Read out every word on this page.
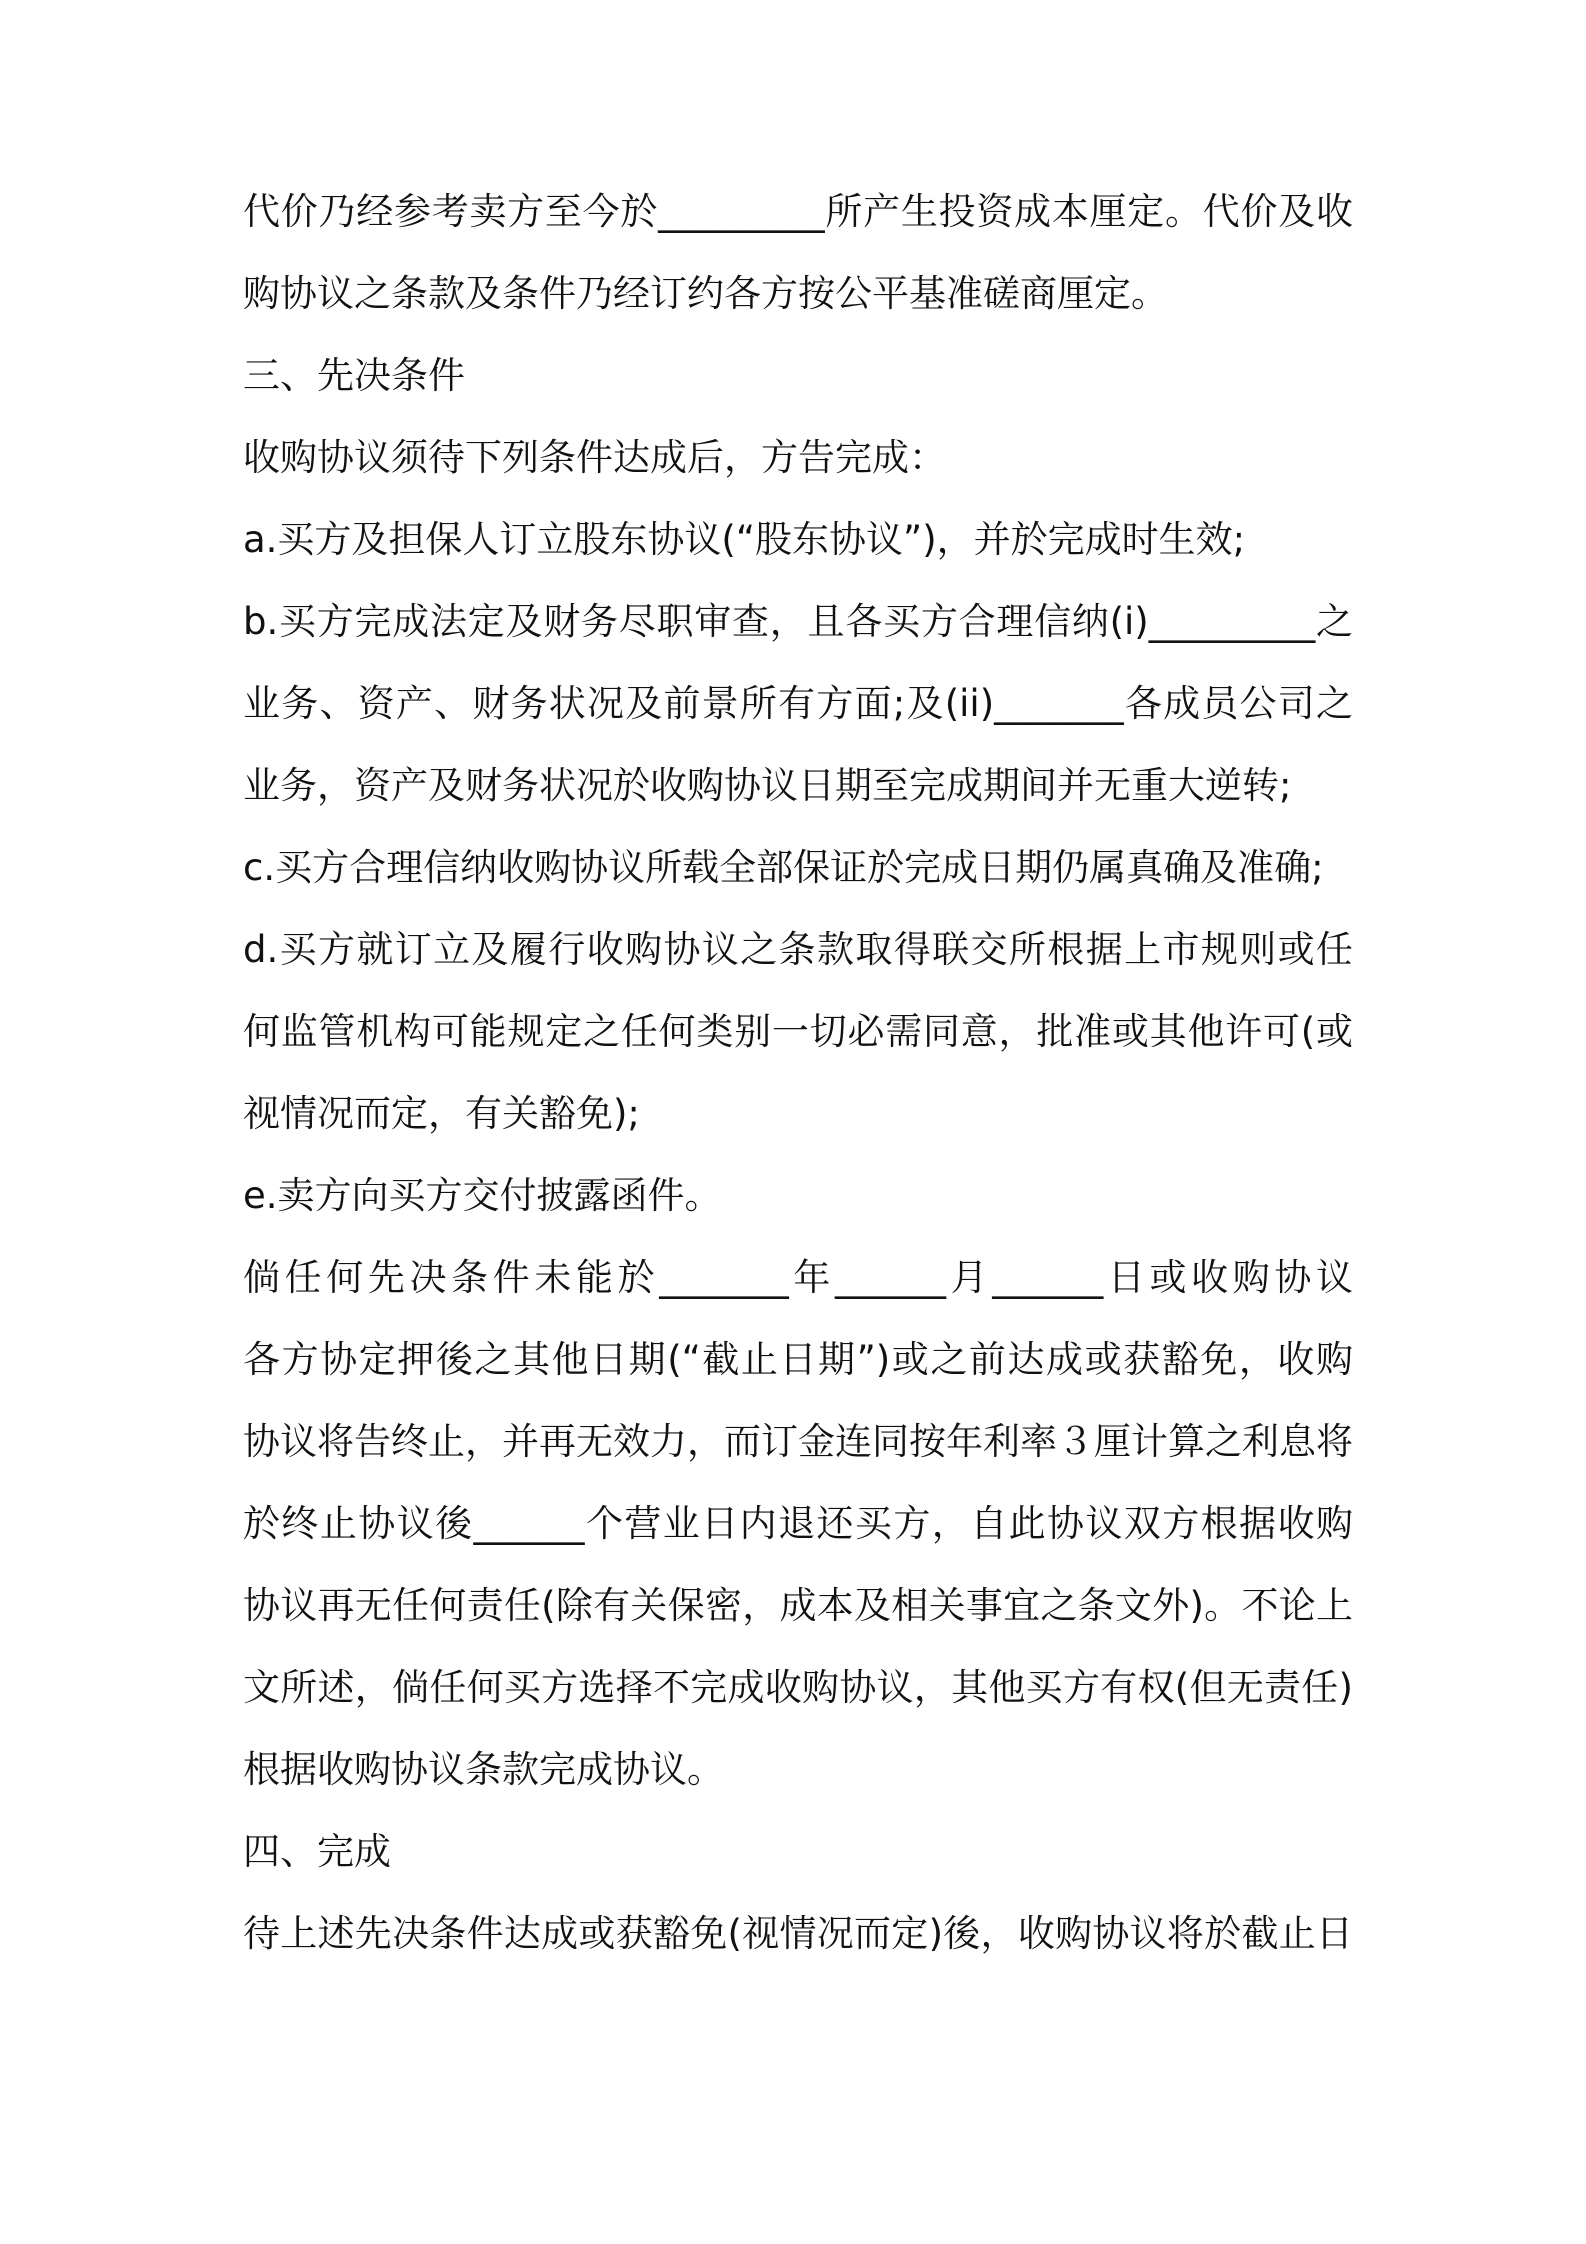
代价乃经参考卖方至今於_________所产生投资成本厘定。代价及收
购协议之条款及条件乃经订约各方按公平基准磋商厘定。
三、先决条件
收购协议须待下列条件达成后，方告完成：
a.买方及担保人订立股东协议(“股东协议”)，并於完成时生效;
b.买方完成法定及财务尽职审查，且各买方合理信纳(i)_________之
业务、资产、财务状况及前景所有方面;及(ii)_______各成员公司之
业务，资产及财务状况於收购协议日期至完成期间并无重大逆转;
c.买方合理信纳收购协议所载全部保证於完成日期仍属真确及准确;
d.买方就订立及履行收购协议之条款取得联交所根据上市规则或任
何监管机构可能规定之任何类别一切必需同意，批准或其他许可(或
视情况而定，有关豁免);
e.卖方向买方交付披露函件。
倘任何先决条件未能於_______年______月______日或收购协议
各方协定押後之其他日期(“截止日期”)或之前达成或获豁免，收购
协议将告终止，并再无效力，而订金连同按年利率３厘计算之利息将
於终止协议後______个营业日内退还买方，自此协议双方根据收购
协议再无任何责任(除有关保密，成本及相关事宜之条文外)。不论上
文所述，倘任何买方选择不完成收购协议，其他买方有权(但无责任)
根据收购协议条款完成协议。
四、完成
待上述先决条件达成或获豁免(视情况而定)後，收购协议将於截止日
